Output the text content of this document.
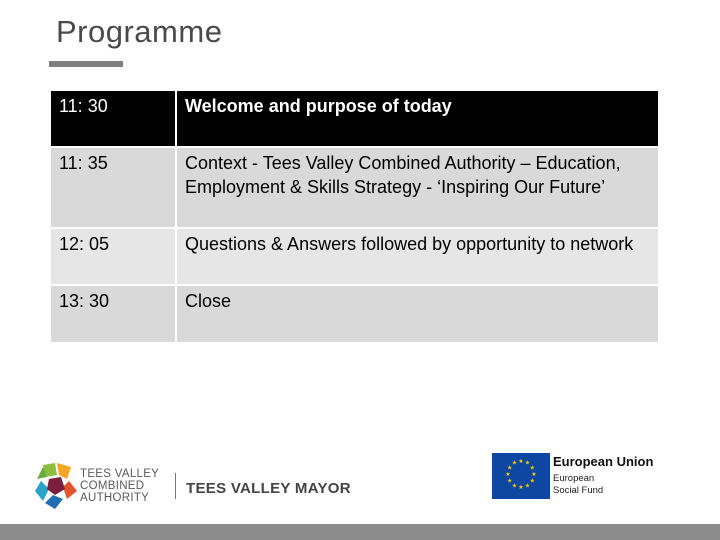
Programme
11: 30	Welcome and purpose of today
11: 35	Context - Tees Valley Combined Authority – Education, Employment & Skills Strategy - ‘Inspiring Our Future’
12: 05	Questions & Answers followed by opportunity to network
13: 30	Close
TEES VALLEY
COMBINED
AUTHORITY
TEES VALLEY MAYOR
★ ★
★
★
★
★
★
★
★
★
★
★	European Union
European
Social Fund
